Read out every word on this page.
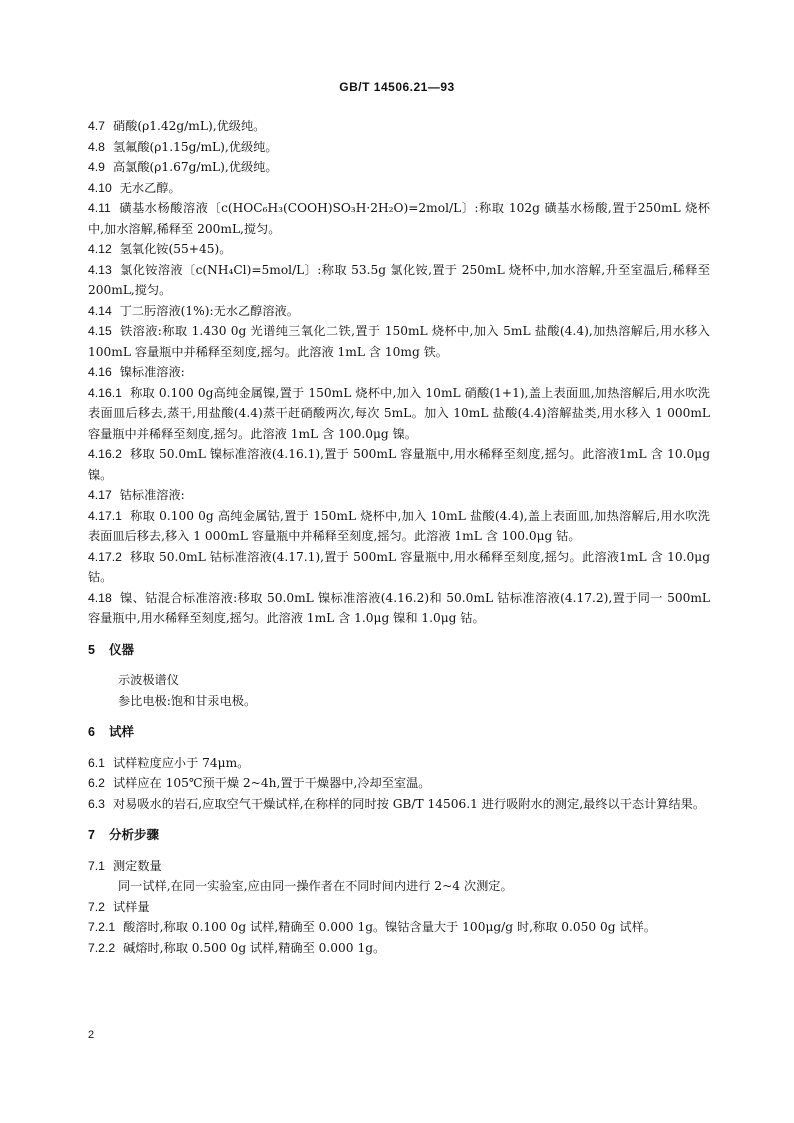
GB/T 14506.21—93

4.7 硝酸(ρ1.42g/mL),优级纯。

4.8 氢氟酸(ρ1.15g/mL),优级纯。

4.9 高氯酸(ρ1.67g/mL),优级纯。

4.10 无水乙醇。

4.11 磺基水杨酸溶液〔c(HOC₆H₃(COOH)SO₃H·2H₂O)=2mol/L〕:称取 102g 磺基水杨酸,置于250mL 烧杯中,加水溶解,稀释至 200mL,搅匀。

4.12 氢氧化铵(55+45)。

4.13 氯化铵溶液〔c(NH₄Cl)=5mol/L〕:称取 53.5g 氯化铵,置于 250mL 烧杯中,加水溶解,升至室温后,稀释至 200mL,搅匀。

4.14 丁二肟溶液(1%):无水乙醇溶液。

4.15 铁溶液:称取 1.430 0g 光谱纯三氧化二铁,置于 150mL 烧杯中,加入 5mL 盐酸(4.4),加热溶解后,用水移入 100mL 容量瓶中并稀释至刻度,摇匀。此溶液 1mL 含 10mg 铁。

4.16 镍标准溶液:

4.16.1 称取 0.100 0g高纯金属镍,置于 150mL 烧杯中,加入 10mL 硝酸(1+1),盖上表面皿,加热溶解后,用水吹洗表面皿后移去,蒸干,用盐酸(4.4)蒸干赶硝酸两次,每次 5mL。加入 10mL 盐酸(4.4)溶解盐类,用水移入 1 000mL 容量瓶中并稀释至刻度,摇匀。此溶液 1mL 含 100.0μg 镍。

4.16.2 移取 50.0mL 镍标准溶液(4.16.1),置于 500mL 容量瓶中,用水稀释至刻度,摇匀。此溶液1mL 含 10.0μg 镍。

4.17 钴标准溶液:

4.17.1 称取 0.100 0g 高纯金属钴,置于 150mL 烧杯中,加入 10mL 盐酸(4.4),盖上表面皿,加热溶解后,用水吹洗表面皿后移去,移入 1 000mL 容量瓶中并稀释至刻度,摇匀。此溶液 1mL 含 100.0μg 钴。

4.17.2 移取 50.0mL 钴标准溶液(4.17.1),置于 500mL 容量瓶中,用水稀释至刻度,摇匀。此溶液1mL 含 10.0μg 钴。

4.18 镍、钴混合标准溶液:移取 50.0mL 镍标准溶液(4.16.2)和 50.0mL 钴标准溶液(4.17.2),置于同一 500mL 容量瓶中,用水稀释至刻度,摇匀。此溶液 1mL 含 1.0μg 镍和 1.0μg 钴。

5 仪器

示波极谱仪

参比电极:饱和甘汞电极。

6 试样

6.1 试样粒度应小于 74μm。

6.2 试样应在 105℃预干燥 2~4h,置于干燥器中,冷却至室温。

6.3 对易吸水的岩石,应取空气干燥试样,在称样的同时按 GB/T 14506.1 进行吸附水的测定,最终以干态计算结果。

7 分析步骤

7.1 测定数量

同一试样,在同一实验室,应由同一操作者在不同时间内进行 2~4 次测定。

7.2 试样量

7.2.1 酸溶时,称取 0.100 0g 试样,精确至 0.000 1g。镍钴含量大于 100μg/g 时,称取 0.050 0g 试样。

7.2.2 碱熔时,称取 0.500 0g 试样,精确至 0.000 1g。

2
